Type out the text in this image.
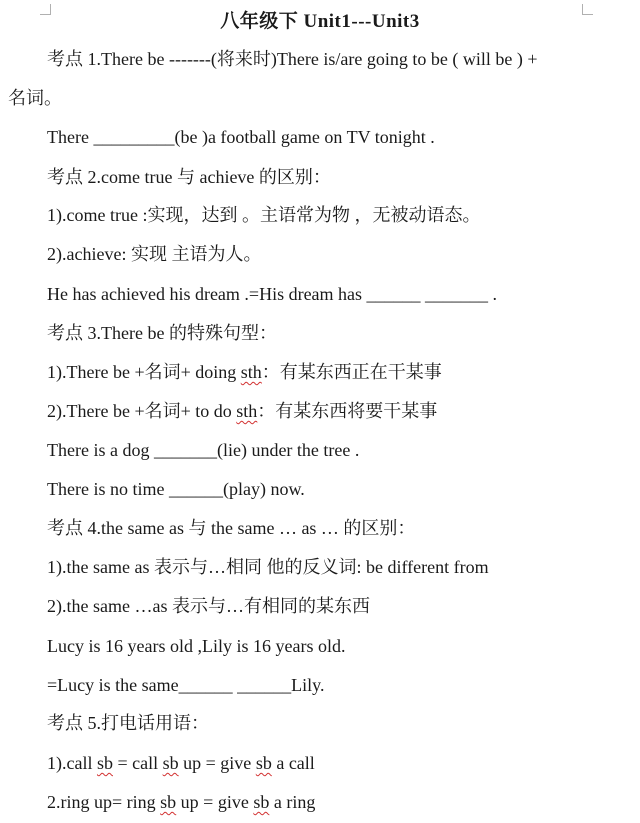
八年级下 Unit1---Unit3
考点 1.There be -------(将来时)There is/are going to be ( will be ) +
名词。
There _________(be )a football game on TV tonight .
考点 2.come true 与 achieve 的区别：
1).come true :实现，达到 。主语常为物 ，无被动语态。
2).achieve: 实现 主语为人。
He has achieved his dream .=His dream has ______ _______ .
考点 3.There be 的特殊句型：
1).There be +名词+ doing sth：有某东西正在干某事
2).There be +名词+ to do sth：有某东西将要干某事
There is a dog _______(lie) under the tree .
There is no time ______(play) now.
考点 4.the same as 与 the same … as … 的区别：
1).the same as 表示与…相同 他的反义词: be different from
2).the same …as 表示与…有相同的某东西
Lucy is 16 years old ,Lily is 16 years old.
=Lucy is the same______ ______Lily.
考点 5.打电话用语：
1).call sb = call sb up = give sb a call
2.ring up= ring sb up = give sb a ring
